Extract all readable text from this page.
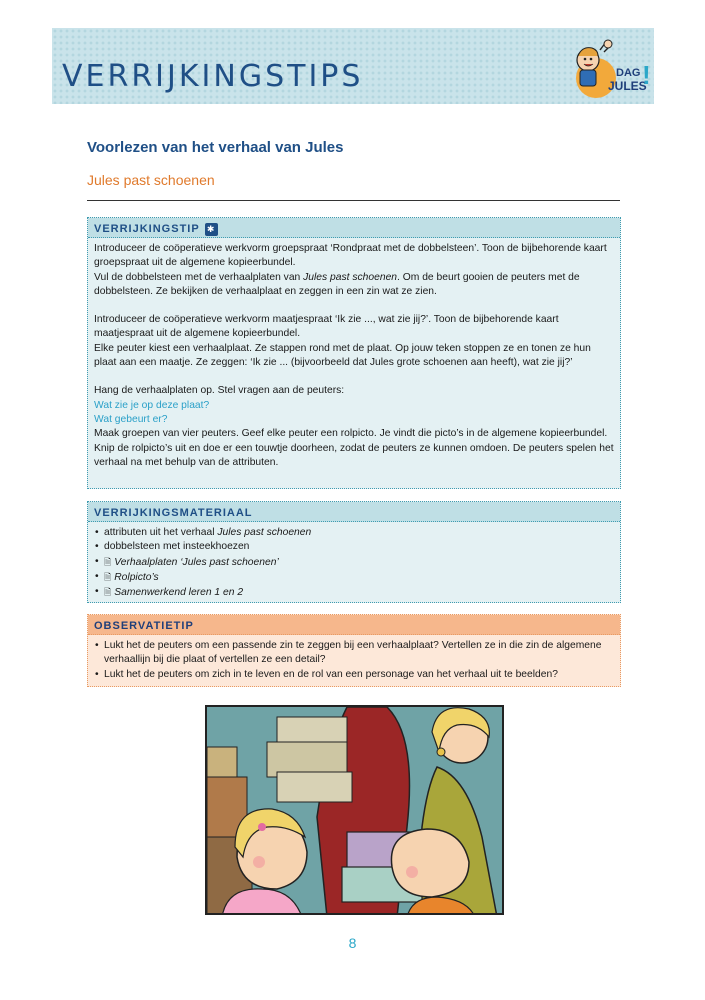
VERRIJKINGSTIPS	DAG
JULES
!
Voorlezen van het verhaal van Jules
Jules past schoenen
VERRIJKINGSTIP ✱
Introduceer de coöperatieve werkvorm groepspraat ‘Rondpraat met de dobbelsteen’. Toon de bijbehorende kaart groepspraat uit de algemene kopieerbundel.
Vul de dobbelsteen met de verhaalplaten van Jules past schoenen. Om de beurt gooien de peuters met de dobbelsteen. Ze bekijken de verhaalplaat en zeggen in een zin wat ze zien.
Introduceer de coöperatieve werkvorm maatjespraat ‘Ik zie ..., wat zie jij?’. Toon de bijbehorende kaart maatjespraat uit de algemene kopieerbundel.
Elke peuter kiest een verhaalplaat. Ze stappen rond met de plaat. Op jouw teken stoppen ze en tonen ze hun plaat aan een maatje. Ze zeggen: ‘Ik zie ... (bijvoorbeeld dat Jules grote schoenen aan heeft), wat zie jij?’
Hang de verhaalplaten op. Stel vragen aan de peuters:
Wat zie je op deze plaat?
Wat gebeurt er?
Maak groepen van vier peuters. Geef elke peuter een rolpicto. Je vindt die picto’s in de algemene kopieerbundel. Knip de rolpicto’s uit en doe er een touwtje doorheen, zodat de peuters ze kunnen omdoen. De peuters spelen het verhaal na met behulp van de attributen.
VERRIJKINGSMATERIAAL
• attributen uit het verhaal Jules past schoenen
• dobbelsteen met insteekhoezen
• 🗎 Verhaalplaten ‘Jules past schoenen’
• 🗎 Rolpicto’s
• 🗎 Samenwerkend leren 1 en 2
OBSERVATIETIP
• Lukt het de peuters om een passende zin te zeggen bij een verhaalplaat? Vertellen ze in die zin de algemene verhaallijn bij die plaat of vertellen ze een detail?
• Lukt het de peuters om zich in te leven en de rol van een personage van het verhaal uit te beelden?
8
